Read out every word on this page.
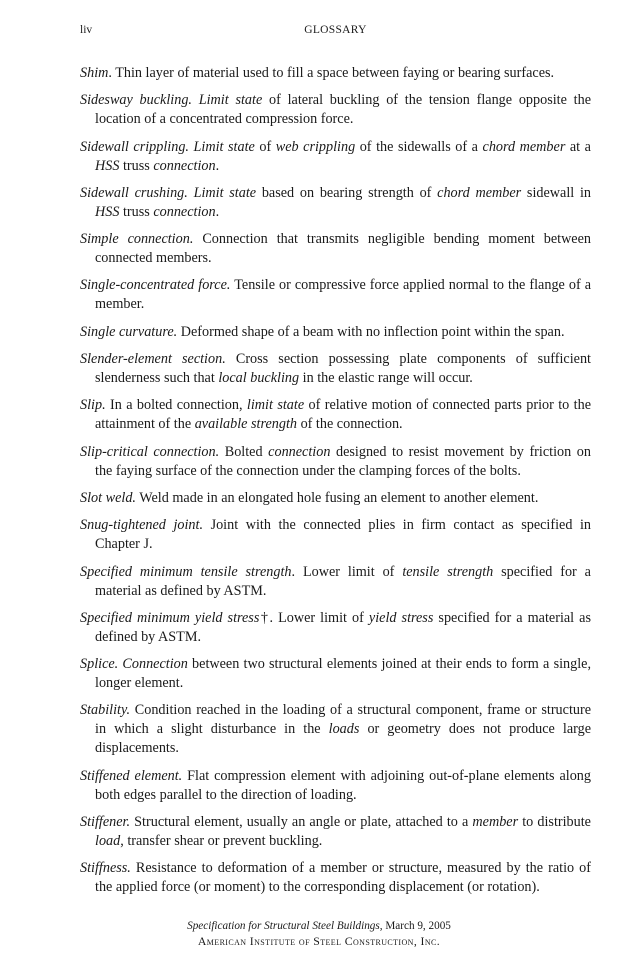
liv	GLOSSARY
Shim. Thin layer of material used to fill a space between faying or bearing surfaces.
Sidesway buckling. Limit state of lateral buckling of the tension flange opposite the location of a concentrated compression force.
Sidewall crippling. Limit state of web crippling of the sidewalls of a chord member at a HSS truss connection.
Sidewall crushing. Limit state based on bearing strength of chord member sidewall in HSS truss connection.
Simple connection. Connection that transmits negligible bending moment between connected members.
Single-concentrated force. Tensile or compressive force applied normal to the flange of a member.
Single curvature. Deformed shape of a beam with no inflection point within the span.
Slender-element section. Cross section possessing plate components of sufficient slenderness such that local buckling in the elastic range will occur.
Slip. In a bolted connection, limit state of relative motion of connected parts prior to the attainment of the available strength of the connection.
Slip-critical connection. Bolted connection designed to resist movement by friction on the faying surface of the connection under the clamping forces of the bolts.
Slot weld. Weld made in an elongated hole fusing an element to another element.
Snug-tightened joint. Joint with the connected plies in firm contact as specified in Chapter J.
Specified minimum tensile strength. Lower limit of tensile strength specified for a material as defined by ASTM.
Specified minimum yield stress†. Lower limit of yield stress specified for a material as defined by ASTM.
Splice. Connection between two structural elements joined at their ends to form a single, longer element.
Stability. Condition reached in the loading of a structural component, frame or structure in which a slight disturbance in the loads or geometry does not produce large displacements.
Stiffened element. Flat compression element with adjoining out-of-plane elements along both edges parallel to the direction of loading.
Stiffener. Structural element, usually an angle or plate, attached to a member to distribute load, transfer shear or prevent buckling.
Stiffness. Resistance to deformation of a member or structure, measured by the ratio of the applied force (or moment) to the corresponding displacement (or rotation).
Specification for Structural Steel Buildings, March 9, 2005
American Institute of Steel Construction, Inc.
